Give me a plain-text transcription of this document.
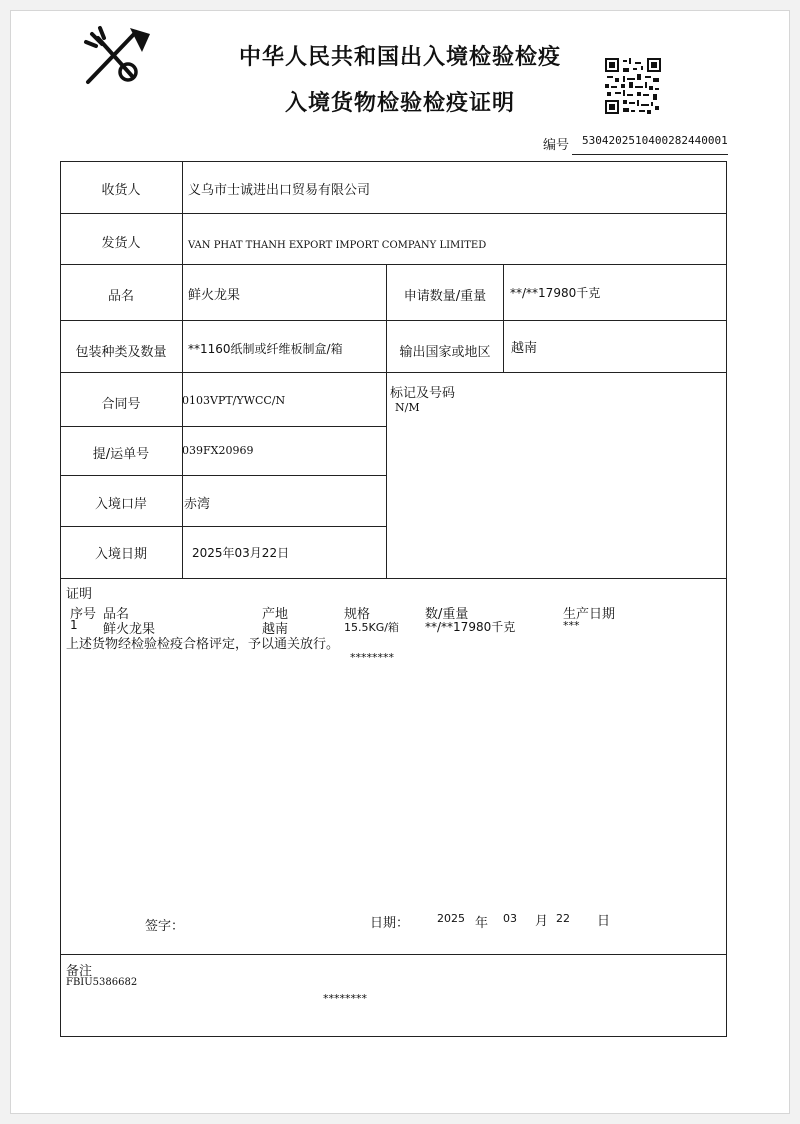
中华人民共和国出入境检验检疫
入境货物检验检疫证明
编号 5304202510400282440001
收货人	义乌市士诚进出口贸易有限公司
发货人	VAN PHAT THANH EXPORT IMPORT COMPANY LIMITED
品名	鲜火龙果	申请数量/重量	**/**17980千克
包装种类及数量	**1160纸制或纤维板制盒/箱	输出国家或地区	越南
合同号	0103VPT/YWCC/N	标记及号码
N/M
提/运单号	039FX20969
入境口岸	赤湾
入境日期	2025年03月22日
证明
序号 品名	产地	规格	数/重量	生产日期
1 鲜火龙果	越南	15.5KG/箱 **/**17980千克	***
上述货物经检验检疫合格评定，予以通关放行。
********
签字：	日期：	2025 年 03 月 22 日
备注
FBIU5386682
********
